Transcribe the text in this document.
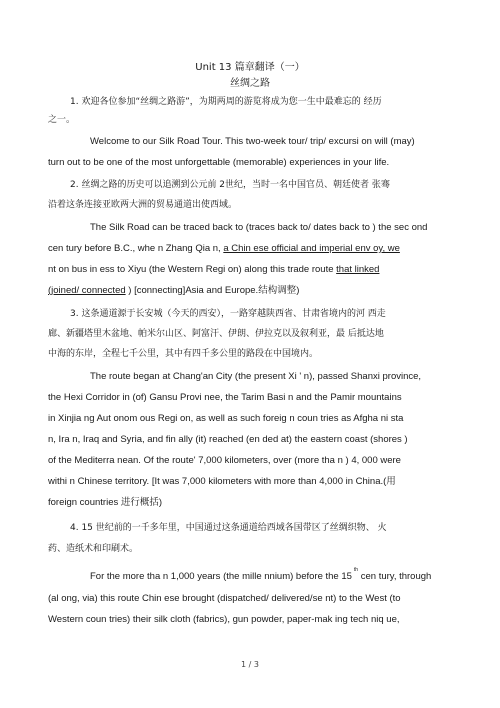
Unit 13 篇章翻译（一）
丝绸之路
1. 欢迎各位参加“丝绸之路游”，为期两周的游览将成为您一生中最难忘的 经历
之一。
Welcome to our Silk Road Tour. This two-week tour/ trip/ excursi on will (may)
turn out to be one of the most unforgettable (memorable) experiences in your life.
2. 丝绸之路的历史可以追溯到公元前 2世纪，当时一名中国官员、朝廷使者 张骞
沿着这条连接亚欧两大洲的贸易通道出使西域。
The Silk Road can be traced back to (traces back to/ dates back to ) the sec ond
cen tury before B.C., whe n Zhang Qia n, a Chin ese official and imperial env oy, we
nt on bus in ess to Xiyu (the Western Regi on) along this trade route that linked
(joined/ connected ) [connecting]Asia and Europe.结构调整)
3. 这条通道源于长安城（今天的西安），一路穿越陕西省、甘肃省境内的河 西走
廊、新疆塔里木盆地、帕米尔山区、阿富汗、伊朗、伊拉克以及叙利亚，最 后抵达地
中海的东岸，全程七千公里，其中有四千多公里的路段在中国境内。
The route began at Chang'an City (the present Xi ' n), passed Shanxi province,
the Hexi Corridor in (of) Gansu Provi nee, the Tarim Basi n and the Pamir mountains
in Xinjia ng Aut onom ous Regi on, as well as such foreig n coun tries as Afgha ni sta
n, Ira n, Iraq and Syria, and fin ally (it) reached (en ded at) the eastern coast (shores )
of the Mediterra nean. Of the route' 7,000 kilometers, over (more tha n ) 4, 000 were
withi n Chinese territory. [It was 7,000 kilometers with more than 4,000 in China.(用
foreign countries 进行概括)
4. 15 世纪前的一千多年里，中国通过这条通道给西域各国带区了丝绸织物、 火
药、造纸术和印刷术。
For the more tha n 1,000 years (the mille nnium) before the 15th cen tury, through
(al ong, via) this route Chin ese brought (dispatched/ delivered/se nt) to the West (to
Western coun tries) their silk cloth (fabrics), gun powder, paper-mak ing tech niq ue,
1 / 3
